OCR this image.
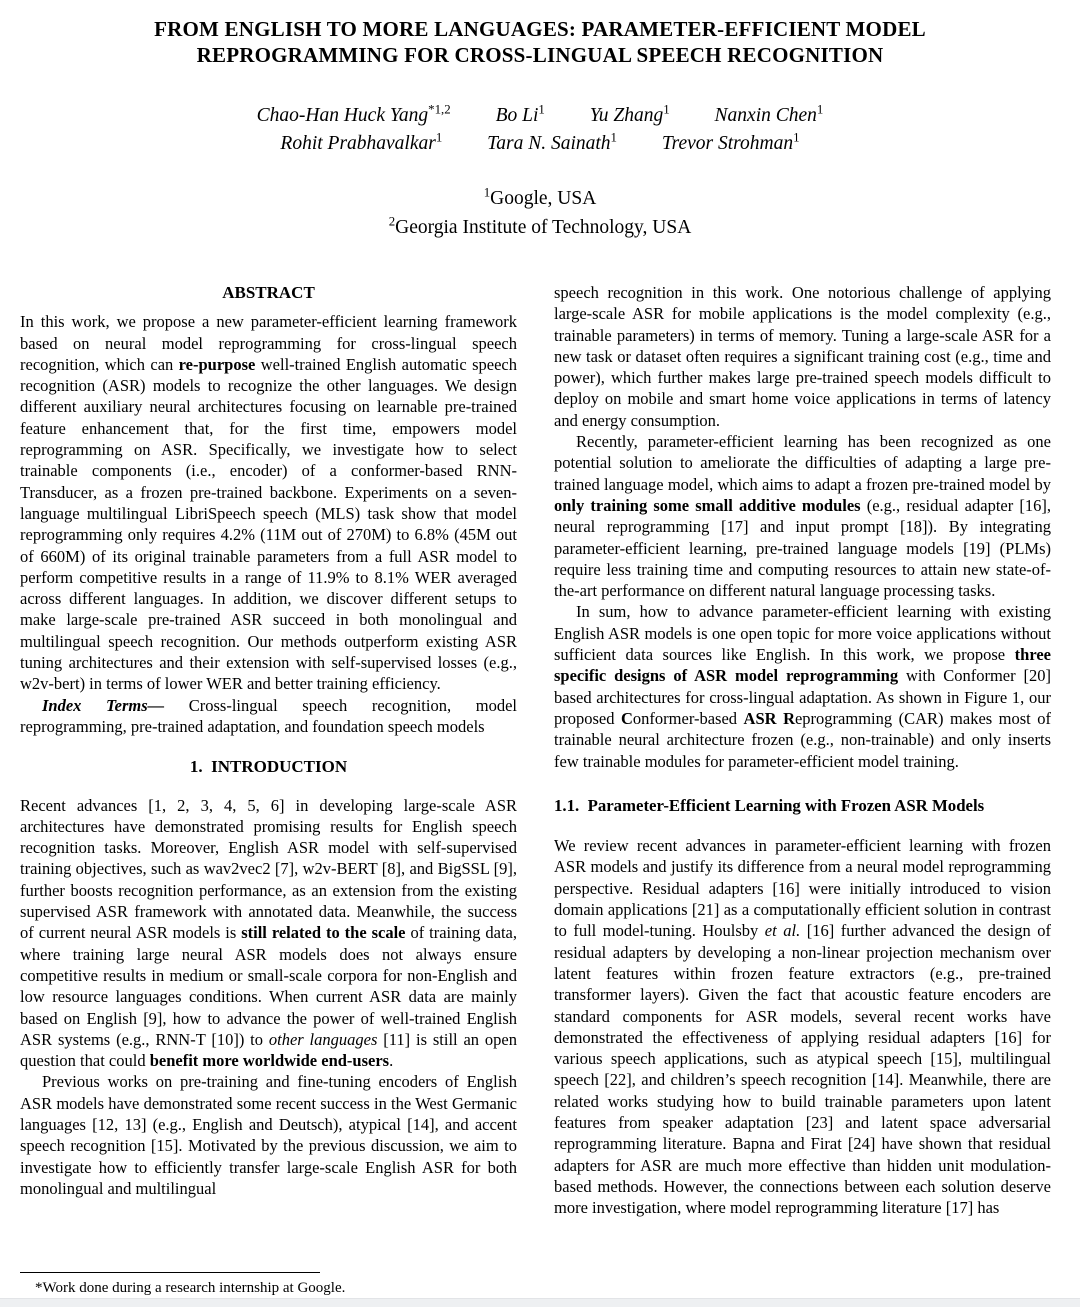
FROM ENGLISH TO MORE LANGUAGES: PARAMETER-EFFICIENT MODEL
REPROGRAMMING FOR CROSS-LINGUAL SPEECH RECOGNITION
Chao-Han Huck Yang$^{*1,2}$ Bo Li$^1$ Yu Zhang$^1$ Nanxin Chen$^1$
Rohit Prabhavalkar$^1$ Tara N. Sainath$^1$ Trevor Strohman$^1$
$^1$Google, USA
$^2$Georgia Institute of Technology, USA
ABSTRACT

In this work, we propose a new parameter-efficient learning framework based on neural model reprogramming for cross-lingual speech recognition, which can re-purpose well-trained English automatic speech recognition (ASR) models to recognize the other languages. We design different auxiliary neural architectures focusing on learnable pre-trained feature enhancement that, for the first time, empowers model reprogramming on ASR. Specifically, we investigate how to select trainable components (i.e., encoder) of a conformer-based RNN-Transducer, as a frozen pre-trained backbone. Experiments on a seven-language multilingual LibriSpeech speech (MLS) task show that model reprogramming only requires 4.2% (11M out of 270M) to 6.8% (45M out of 660M) of its original trainable parameters from a full ASR model to perform competitive results in a range of 11.9% to 8.1% WER averaged across different languages. In addition, we discover different setups to make large-scale pre-trained ASR succeed in both monolingual and multilingual speech recognition. Our methods outperform existing ASR tuning architectures and their extension with self-supervised losses (e.g., w2v-bert) in terms of lower WER and better training efficiency.

Index Terms— Cross-lingual speech recognition, model reprogramming, pre-trained adaptation, and foundation speech models

1.  INTRODUCTION

Recent advances [1, 2, 3, 4, 5, 6] in developing large-scale ASR architectures have demonstrated promising results for English speech recognition tasks. Moreover, English ASR model with self-supervised training objectives, such as wav2vec2 [7], w2v-BERT [8], and BigSSL [9], further boosts recognition performance, as an extension from the existing supervised ASR framework with annotated data. Meanwhile, the success of current neural ASR models is still related to the scale of training data, where training large neural ASR models does not always ensure competitive results in medium or small-scale corpora for non-English and low resource languages conditions. When current ASR data are mainly based on English [9], how to advance the power of well-trained English ASR systems (e.g., RNN-T [10]) to other languages [11] is still an open question that could benefit more worldwide end-users.

Previous works on pre-training and fine-tuning encoders of English ASR models have demonstrated some recent success in the West Germanic languages [12, 13] (e.g., English and Deutsch), atypical [14], and accent speech recognition [15]. Motivated by the previous discussion, we aim to investigate how to efficiently transfer large-scale English ASR for both monolingual and multilingual

*Work done during a research internship at Google.

speech recognition in this work. One notorious challenge of applying large-scale ASR for mobile applications is the model complexity (e.g., trainable parameters) in terms of memory. Tuning a large-scale ASR for a new task or dataset often requires a significant training cost (e.g., time and power), which further makes large pre-trained speech models difficult to deploy on mobile and smart home voice applications in terms of latency and energy consumption.

Recently, parameter-efficient learning has been recognized as one potential solution to ameliorate the difficulties of adapting a large pre-trained language model, which aims to adapt a frozen pre-trained model by only training some small additive modules (e.g., residual adapter [16], neural reprogramming [17] and input prompt [18]). By integrating parameter-efficient learning, pre-trained language models [19] (PLMs) require less training time and computing resources to attain new state-of-the-art performance on different natural language processing tasks.

In sum, how to advance parameter-efficient learning with existing English ASR models is one open topic for more voice applications without sufficient data sources like English. In this work, we propose three specific designs of ASR model reprogramming with Conformer [20] based architectures for cross-lingual adaptation. As shown in Figure 1, our proposed Conformer-based ASR Reprogramming (CAR) makes most of trainable neural architecture frozen (e.g., non-trainable) and only inserts few trainable modules for parameter-efficient model training.

1.1.  Parameter-Efficient Learning with Frozen ASR Models

We review recent advances in parameter-efficient learning with frozen ASR models and justify its difference from a neural model reprogramming perspective. Residual adapters [16] were initially introduced to vision domain applications [21] as a computationally efficient solution in contrast to full model-tuning. Houlsby et al. [16] further advanced the design of residual adapters by developing a non-linear projection mechanism over latent features within frozen feature extractors (e.g., pre-trained transformer layers). Given the fact that acoustic feature encoders are standard components for ASR models, several recent works have demonstrated the effectiveness of applying residual adapters [16] for various speech applications, such as atypical speech [15], multilingual speech [22], and children’s speech recognition [14]. Meanwhile, there are related works studying how to build trainable parameters upon latent features from speaker adaptation [23] and latent space adversarial reprogramming literature. Bapna and Firat [24] have shown that residual adapters for ASR are much more effective than hidden unit modulation-based methods. However, the connections between each solution deserve more investigation, where model reprogramming literature [17] has
